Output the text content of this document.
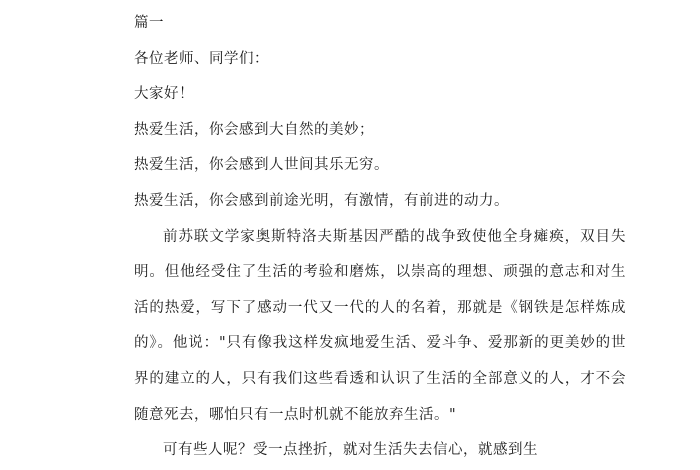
篇一

各位老师、同学们：

大家好！

热爱生活，你会感到大自然的美妙；

热爱生活，你会感到人世间其乐无穷。

热爱生活，你会感到前途光明，有激情，有前进的动力。

前苏联文学家奥斯特洛夫斯基因严酷的战争致使他全身瘫痪，双目失明。但他经受住了生活的考验和磨炼，以崇高的理想、顽强的意志和对生活的热爱，写下了感动一代又一代的人的名着，那就是《钢铁是怎样炼成的》。他说："只有像我这样发疯地爱生活、爱斗争、爱那新的更美妙的世界的建立的人，只有我们这些看透和认识了生活的全部意义的人，才不会随意死去，哪怕只有一点时机就不能放弃生活。"

可有些人呢？受一点挫折，就对生活失去信心，就感到生
